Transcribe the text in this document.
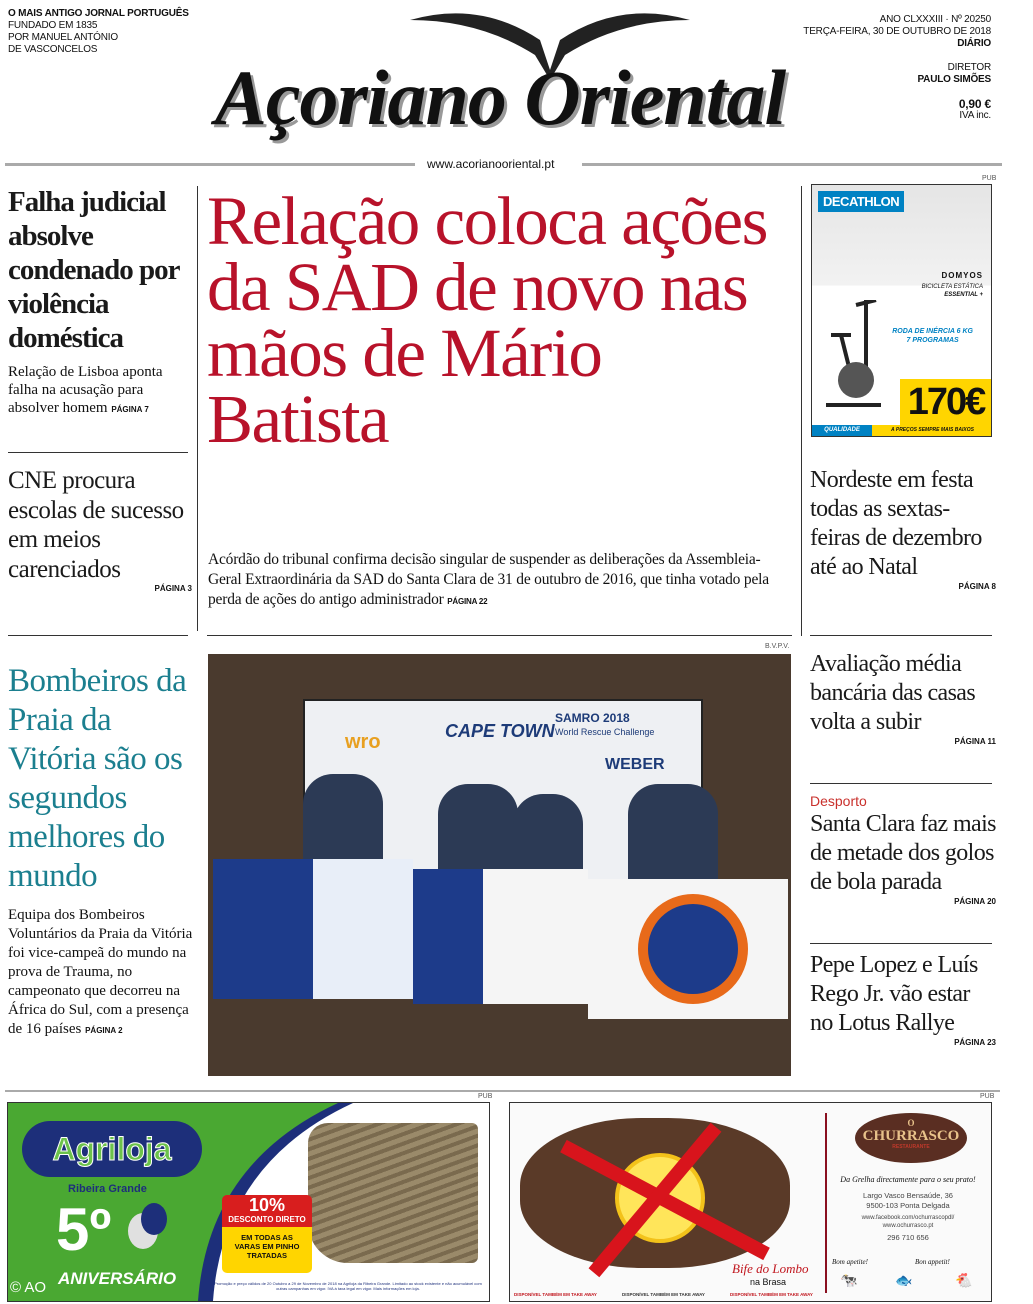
O MAIS ANTIGO JORNAL PORTUGUÊS
FUNDADO EM 1835
POR MANUEL ANTÓNIO
DE VASCONCELOS
Açoriano Oriental
ANO CLXXXIII · Nº 20250
TERÇA-FEIRA, 30 DE OUTUBRO DE 2018
DIÁRIO
DIRETOR
PAULO SIMÕES
0,90 €
IVA inc.
www.acorianooriental.pt
Falha judicial absolve condenado por violência doméstica
Relação de Lisboa aponta falha na acusação para absolver homem PÁGINA 7
CNE procura escolas de sucesso em meios carenciados
PÁGINA 3
Bombeiros da Praia da Vitória são os segundos melhores do mundo
Equipa dos Bombeiros Voluntários da Praia da Vitória foi vice-campeã do mundo na prova de Trauma, no campeonato que decorreu na África do Sul, com a presença de 16 países PÁGINA 2
Relação coloca ações da SAD de novo nas mãos de Mário Batista
Acórdão do tribunal confirma decisão singular de suspender as deliberações da Assembleia-Geral Extraordinária da SAD do Santa Clara de 31 de outubro de 2016, que tinha votado pela perda de ações do antigo administrador PÁGINA 22
B.V.P.V.
CAPE TOWN
SAMRO 2018
World Rescue Challenge
wro
WEBER
PUB
DECATHLON
DOMYOS
BICICLETA ESTÁTICA
ESSENTIAL +
RODA DE INÉRCIA 6 KG
7 PROGRAMAS
170€
QUALIDADE	A PREÇOS SEMPRE MAIS BAIXOS
Nordeste em festa todas as sextas-feiras de dezembro até ao Natal
PÁGINA 8
Avaliação média bancária das casas volta a subir
PÁGINA 11
Desporto
Santa Clara faz mais de metade dos golos de bola parada
PÁGINA 20
Pepe Lopez e Luís Rego Jr. vão estar no Lotus Rallye
PÁGINA 23
PUB
Agriloja
Ribeira Grande
5º
ANIVERSÁRIO
© AO
10%
DESCONTO DIRETO
EM TODAS AS VARAS EM PINHO TRATADAS
Promoção e preço válidos de 20 Outubro a 29 de Novembro de 2018 na Agriloja da Ribeira Grande. Limitado ao stock existente e não acumulável com outras campanhas em vigor. IVA à taxa legal em vigor. Mais informações em loja.
PUB
O
CHURRASCO
RESTAURANTE
Da Grelha directamente para o seu prato!
Largo Vasco Bensaúde, 36
9500-103 Ponta Delgada
www.facebook.com/ochurrascopdl/
www.ochurrasco.pt
296 710 656
Bom apetite!	Bon appetit!
🐄	🐟	🐔
Bife do Lombo
na Brasa
DISPONÍVEL TAMBÉM EM TAKE AWAY	DISPONÍVEL TAMBÉM EM TAKE AWAY	DISPONÍVEL TAMBÉM EM TAKE AWAY
